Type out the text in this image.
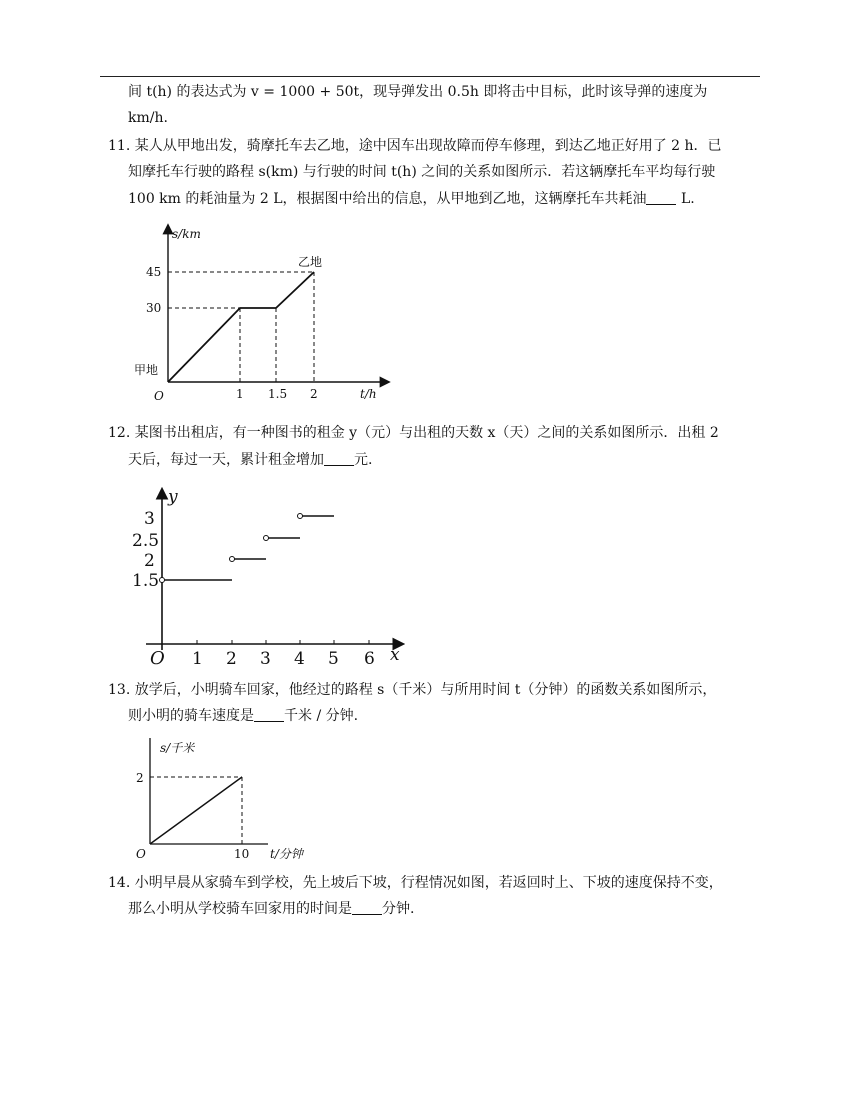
间 t(h) 的表达式为 v = 1000 + 50t，现导弹发出 0.5h 即将击中目标，此时该导弹的速度为
km/h.
11. 某人从甲地出发，骑摩托车去乙地，途中因车出现故障而停车修理，到达乙地正好用了 2 h．已
知摩托车行驶的路程 s(km) 与行驶的时间 t(h) 之间的关系如图所示．若这辆摩托车平均每行驶
100 km 的耗油量为 2 L，根据图中给出的信息，从甲地到乙地，这辆摩托车共耗油 L.
s/km
t/h
O
甲地
乙地
45
30
1 1.5 2
12. 某图书出租店，有一种图书的租金 y（元）与出租的天数 x（天）之间的关系如图所示．出租 2
天后，每过一天，累计租金增加 元.
y
x
O
3
2.5
2
1.5
1 2 3 4 5 6
13. 放学后，小明骑车回家，他经过的路程 s（千米）与所用时间 t（分钟）的函数关系如图所示，
则小明的骑车速度是 千米 / 分钟.
s/千米
t/分钟
O
2
10
14. 小明早晨从家骑车到学校，先上坡后下坡，行程情况如图，若返回时上、下坡的速度保持不变，
那么小明从学校骑车回家用的时间是 分钟.
